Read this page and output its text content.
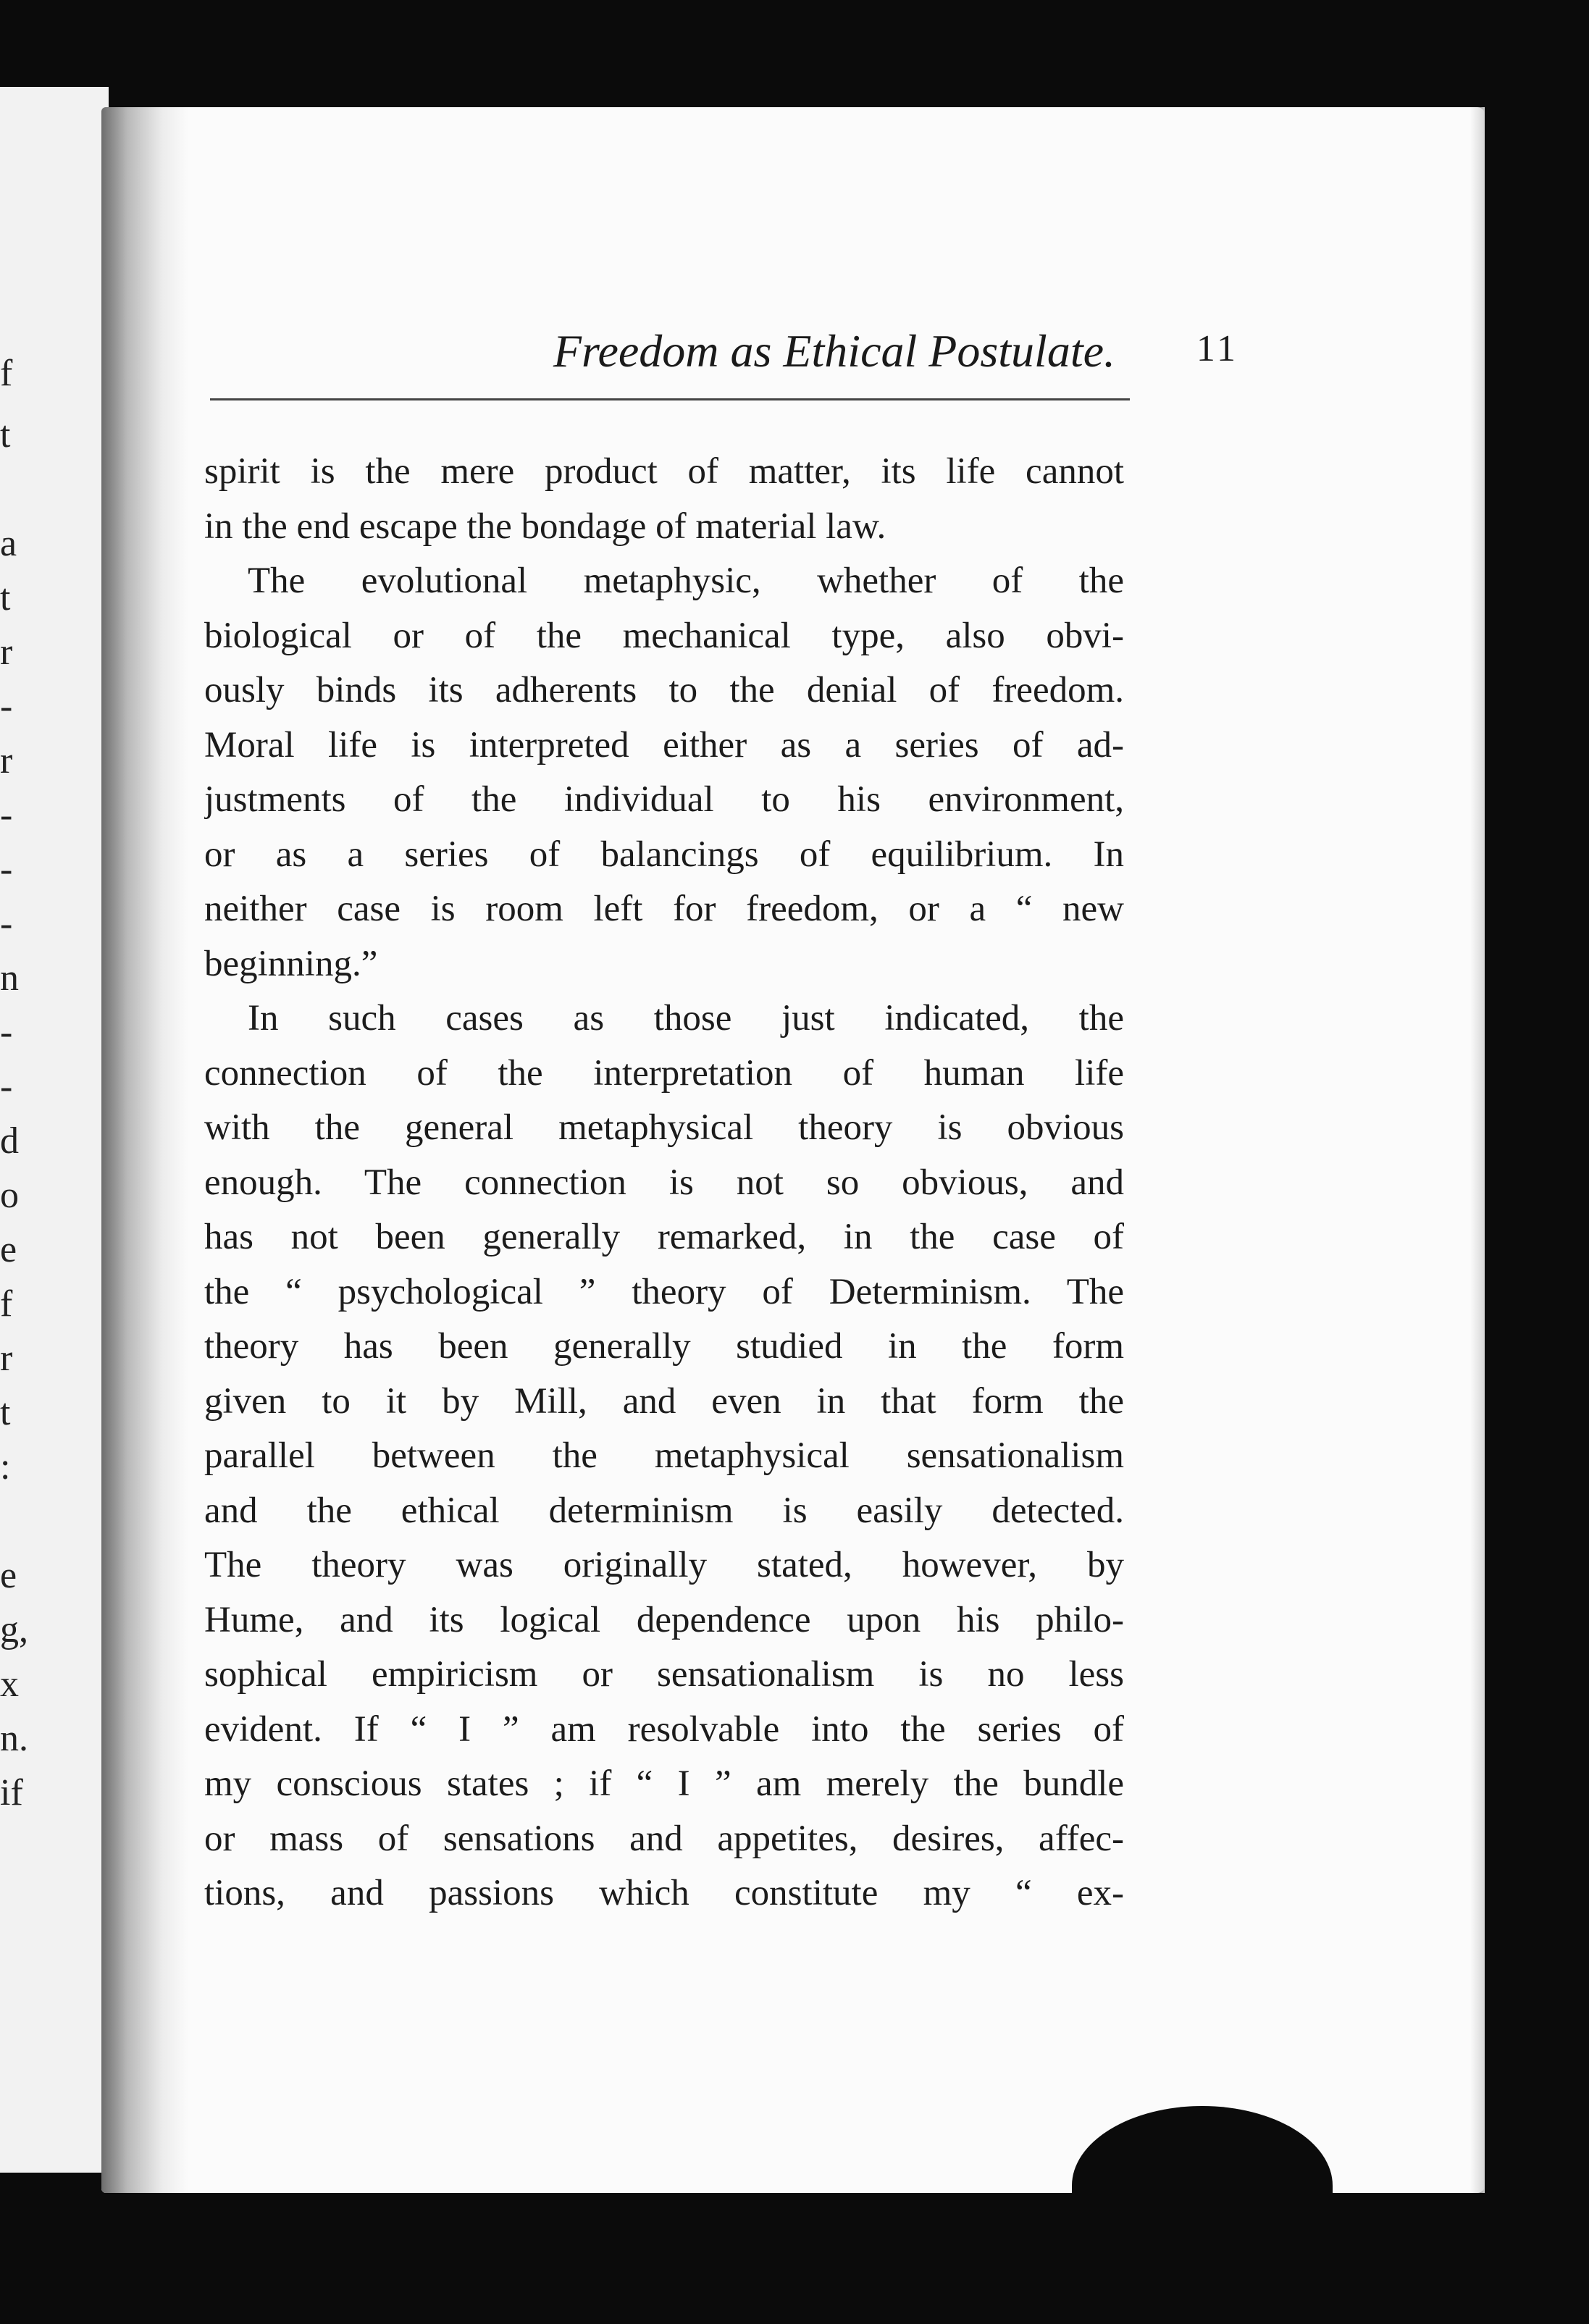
f
t
a
t
r
-
r
-
-
-
n
-
-
d
o
e
f
r
t
:
e
g,
x
n.
if
Freedom as Ethical Postulate. 11
spirit is the mere product of matter, its life cannot
in the end escape the bondage of material law.
The evolutional metaphysic, whether of the
biological or of the mechanical type, also obvi-
ously binds its adherents to the denial of freedom.
Moral life is interpreted either as a series of ad-
justments of the individual to his environment,
or as a series of balancings of equilibrium. In
neither case is room left for freedom, or a “ new
beginning.”
In such cases as those just indicated, the
connection of the interpretation of human life
with the general metaphysical theory is obvious
enough. The connection is not so obvious, and
has not been generally remarked, in the case of
the “ psychological ” theory of Determinism. The
theory has been generally studied in the form
given to it by Mill, and even in that form the
parallel between the metaphysical sensationalism
and the ethical determinism is easily detected.
The theory was originally stated, however, by
Hume, and its logical dependence upon his philo-
sophical empiricism or sensationalism is no less
evident. If “ I ” am resolvable into the series of
my conscious states ; if “ I ” am merely the bundle
or mass of sensations and appetites, desires, affec-
tions, and passions which constitute my “ ex-
